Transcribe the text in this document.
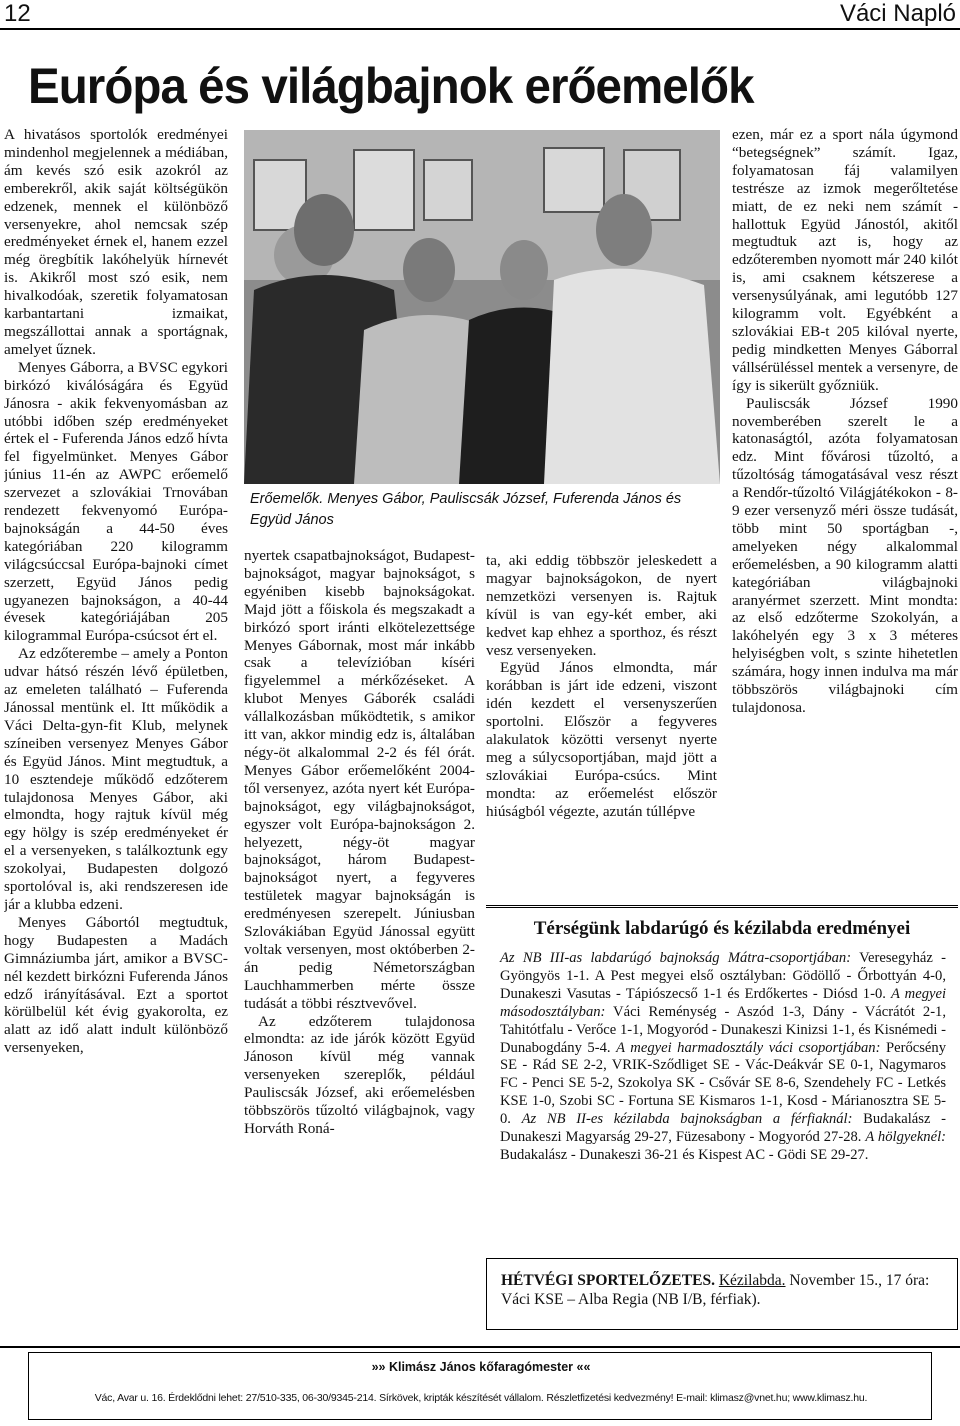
12	Váci Napló
Európa és világbajnok erőemelők

A hivatásos sportolók eredményei mindenhol megjelennek a médiában, ám kevés szó esik azokról az emberekről, akik saját költségükön edzenek, mennek el különböző versenyekre, ahol nemcsak szép eredményeket érnek el, hanem ezzel még öregbítik lakóhelyük hírnevét is. Akikről most szó esik, nem hivalkodóak, szeretik folyamatosan karbantartani izmaikat, megszállottai annak a sportágnak, amelyet űznek.

Menyes Gáborra, a BVSC egykori birkózó kiválóságára és Együd Jánosra - akik fekvenyomásban az utóbbi időben szép eredményeket értek el - Fuferenda János edző hívta fel figyelmünket. Menyes Gábor június 11-én az AWPC erőemelő szervezet a szlovákiai Trnovában rendezett fekvenyomó Európa-bajnokságán a 44-50 éves kategóriában 220 kilogramm világcsúccsal Európa-bajnoki címet szerzett, Együd János pedig ugyanezen bajnokságon, a 40-44 évesek kategóriájában 205 kilogrammal Európa-csúcsot ért el.

Az edzőterembe – amely a Ponton udvar hátsó részén lévő épületben, az emeleten található – Fuferenda Jánossal mentünk el. Itt működik a Váci Delta-gyn-fit Klub, melynek színeiben versenyez Menyes Gábor és Együd János. Mint megtudtuk, a 10 esztendeje működő edzőterem tulajdonosa Menyes Gábor, aki elmondta, hogy rajtuk kívül még egy hölgy is szép eredményeket ér el a versenyeken, s találkoztunk egy szokolyai, Budapesten dolgozó sportolóval is, aki rendszeresen ide jár a klubba edzeni.

Menyes Gábortól megtudtuk, hogy Budapesten a Madách Gimnáziumba járt, amikor a BVSC-nél kezdett birkózni Fuferenda János edző irányításával. Ezt a sportot körülbelül két évig gyakorolta, ez alatt az idő alatt indult különböző versenyeken,

Erőemelők. Menyes Gábor, Pauliscsák József, Fuferenda János és Együd János

nyertek csapatbajnokságot, Budapest-bajnokságot, magyar bajnokságot, s egyéniben kisebb bajnokságokat. Majd jött a főiskola és megszakadt a birkózó sport iránti elkötelezettsége Menyes Gábornak, most már inkább csak a televízióban kíséri figyelemmel a mérkőzéseket. A klubot Menyes Gáborék családi vállalkozásban működtetik, s amikor itt van, akkor mindig edz is, általában négy-öt alkalommal 2-2 és fél órát. Menyes Gábor erőemelőként 2004-től versenyez, azóta nyert két Európa-bajnokságot, egy világbajnokságot, egyszer volt Európa-bajnokságon 2. helyezett, négy-öt magyar bajnokságot, három Budapest-bajnokságot nyert, a fegyveres testületek magyar bajnokságán is eredményesen szerepelt. Júniusban Szlovákiában Együd Jánossal együtt voltak versenyen, most októberben 2-án pedig Németországban Lauchhammerben mérte össze tudását a többi résztvevővel.

Az edzőterem tulajdonosa elmondta: az ide járók között Együd Jánoson kívül még vannak versenyeken szereplők, például Pauliscsák József, aki erőemelésben többszörös tűzoltó világbajnok, vagy Horváth Roná-

ta, aki eddig többször jeleskedett a magyar bajnokságokon, de nyert nemzetközi versenyen is. Rajtuk kívül is van egy-két ember, aki kedvet kap ehhez a sporthoz, és részt vesz versenyeken.

Együd János elmondta, már korábban is járt ide edzeni, viszont idén kezdett el versenyszerűen sportolni. Először a fegyveres alakulatok közötti versenyt nyerte meg a súlycsoportjában, majd jött a szlovákiai Európa-csúcs. Mint mondta: az erőemelést először hiúságból végezte, azután túllépve

ezen, már ez a sport nála úgymond “betegségnek” számít. Igaz, folyamatosan fáj valamilyen testrésze az izmok megerőltetése miatt, de ez neki nem számít - hallottuk Együd Jánostól, akitől megtudtuk azt is, hogy az edzőteremben nyomott már 240 kilót is, ami csaknem kétszerese a versenysúlyának, ami legutóbb 127 kilogramm volt. Egyébként a szlovákiai EB-t 205 kilóval nyerte, pedig mindketten Menyes Gáborral vállsérüléssel mentek a versenyre, de így is sikerült győzniük.

Pauliscsák József 1990 novemberében szerelt le a katonaságtól, azóta folyamatosan edz. Mint fővárosi tűzoltó, a tűzoltóság támogatásával vesz részt a Rendőr-tűzoltó Világjátékokon - 8-9 ezer versenyző méri össze tudását, több mint 50 sportágban -, amelyeken négy alkalommal erőemelésben, a 90 kilogramm alatti kategóriában világbajnoki aranyérmet szerzett. Mint mondta: az első edzőterme Szokolyán, a lakóhelyén egy 3 x 3 méteres helyiségben volt, s szinte hihetetlen számára, hogy innen indulva ma már többszörös világbajnoki cím tulajdonosa.

Térségünk labdarúgó és kézilabda eredményei
Az NB III-as labdarúgó bajnokság Mátra-csoportjában: Veresegyház - Gyöngyös 1-1. A Pest megyei első osztályban: Gödöllő - Őrbottyán 4-0, Dunakeszi Vasutas - Tápiószecső 1-1 és Erdőkertes - Diósd 1-0. A megyei másodosztályban: Váci Reménység - Aszód 1-3, Dány - Vácrátót 2-1, Tahitótfalu - Verőce 1-1, Mogyoród - Dunakeszi Kinizsi 1-1, és Kisnémedi - Dunabogdány 5-4. A megyei harmadosztály váci csoportjában: Perőcsény SE - Rád SE 2-2, VRIK-Sződliget SE - Vác-Deákvár SE 0-1, Nagymaros FC - Penci SE 5-2, Szokolya SK - Csővár SE 8-6, Szendehely FC - Letkés KSE 1-0, Szobi SC - Fortuna SE Kismaros 1-1, Kosd - Márianosztra SE 5-0. Az NB II-es kézilabda bajnokságban a férfiaknál: Budakalász - Dunakeszi Magyarság 29-27, Füzesabony - Mogyoród 27-28. A hölgyeknél: Budakalász - Dunakeszi 36-21 és Kispest AC - Gödi SE 29-27.
HÉTVÉGI SPORTELŐZETES. Kézilabda. November 15., 17 óra: Váci KSE – Alba Regia (NB I/B, férfiak).
»» Klimász János kőfaragómester ««
Vác, Avar u. 16. Érdeklődni lehet: 27/510-335, 06-30/9345-214. Sírkövek, kripták készítését vállalom. Részletfizetési kedvezmény! E-mail: klimasz@vnet.hu; www.klimasz.hu.
